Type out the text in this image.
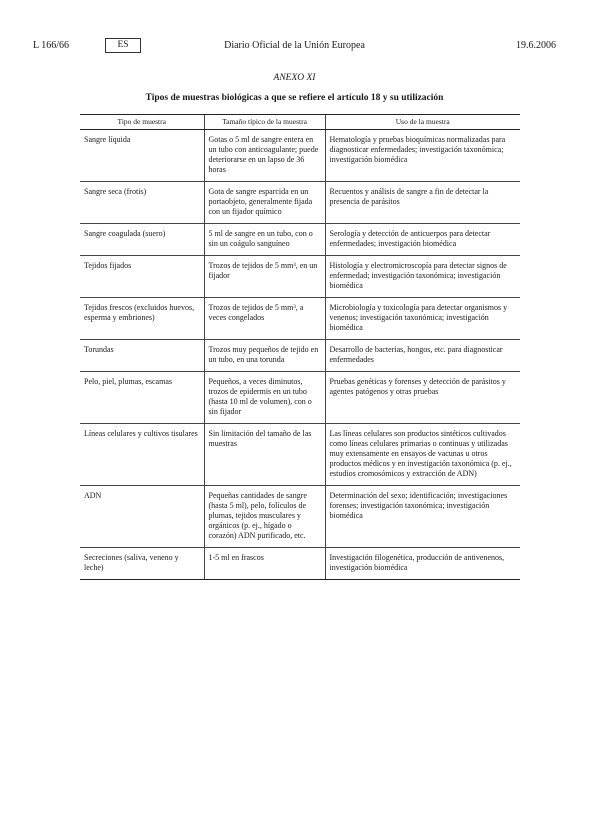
L 166/66	ES	Diario Oficial de la Unión Europea	19.6.2006
ANEXO XI
Tipos de muestras biológicas a que se refiere el artículo 18 y su utilización
Tipo de muestra	Tamaño típico de la muestra	Uso de la muestra
Sangre líquida	Gotas o 5 ml de sangre entera en un tubo con anticoagulante; puede deteriorarse en un lapso de 36 horas	Hematología y pruebas bioquímicas normalizadas para diagnosticar enfermedades; investigación taxonómica; investigación biomédica
Sangre seca (frotis)	Gota de sangre esparcida en un portaobjeto, generalmente fijada con un fijador químico	Recuentos y análisis de sangre a fin de detectar la presencia de parásitos
Sangre coagulada (suero)	5 ml de sangre en un tubo, con o sin un coágulo sanguíneo	Serología y detección de anticuerpos para detectar enfermedades; investigación biomédica
Tejidos fijados	Trozos de tejidos de 5 mm³, en un fijador	Histología y electromicroscopía para detectar signos de enfermedad; investigación taxonómica; investigación biomédica
Tejidos frescos (excluidos huevos, esperma y embriones)	Trozos de tejidos de 5 mm³, a veces congelados	Microbiología y toxicología para detectar organismos y venenos; investigación taxonómica; investigación biomédica
Torundas	Trozos muy pequeños de tejido en un tubo, en una torunda	Desarrollo de bacterias, hongos, etc. para diagnosticar enfermedades
Pelo, piel, plumas, escamas	Pequeños, a veces diminutos, trozos de epidermis en un tubo (hasta 10 ml de volumen), con o sin fijador	Pruebas genéticas y forenses y detección de parásitos y agentes patógenos y otras pruebas
Líneas celulares y cultivos tisulares	Sin limitación del tamaño de las muestras	Las líneas celulares son productos sintéticos cultivados como líneas celulares primarias o continuas y utilizadas muy extensamente en ensayos de vacunas u otros productos médicos y en investigación taxonómica (p. ej., estudios cromosómicos y extracción de ADN)
ADN	Pequeñas cantidades de sangre (hasta 5 ml), pelo, folículos de plumas, tejidos musculares y orgánicos (p. ej., hígado o corazón) ADN purificado, etc.	Determinación del sexo; identificación; investigaciones forenses; investigación taxonómica; investigación biomédica
Secreciones (saliva, veneno y leche)	1-5 ml en frascos	Investigación filogenética, producción de antivenenos, investigación biomédica
